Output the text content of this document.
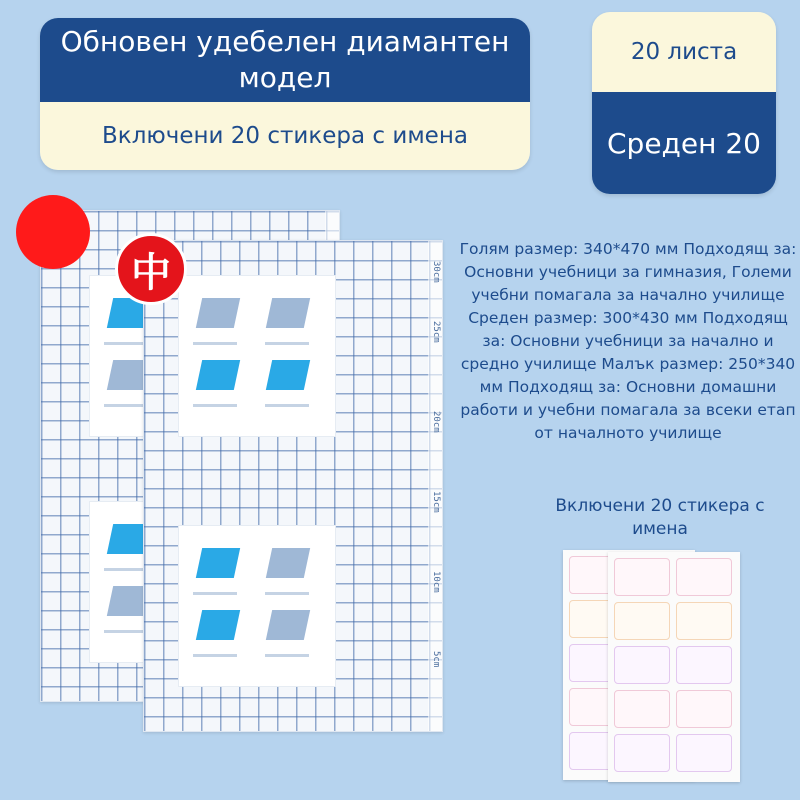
Обновен удебелен диамантен модел
Включени 20 стикера с имена
20 листа
Среден 20
30cm
25cm
20cm
15cm
10cm
5cm
中
Голям размер: 340*470 мм Подходящ за: Основни учебници за гимназия, Големи учебни помагала за начално училище Среден размер: 300*430 мм Подходящ за: Основни учебници за начално и средно училище Малък размер: 250*340 мм Подходящ за: Основни домашни работи и учебни помагала за всеки етап от началното училище
Включени 20 стикера с имена
